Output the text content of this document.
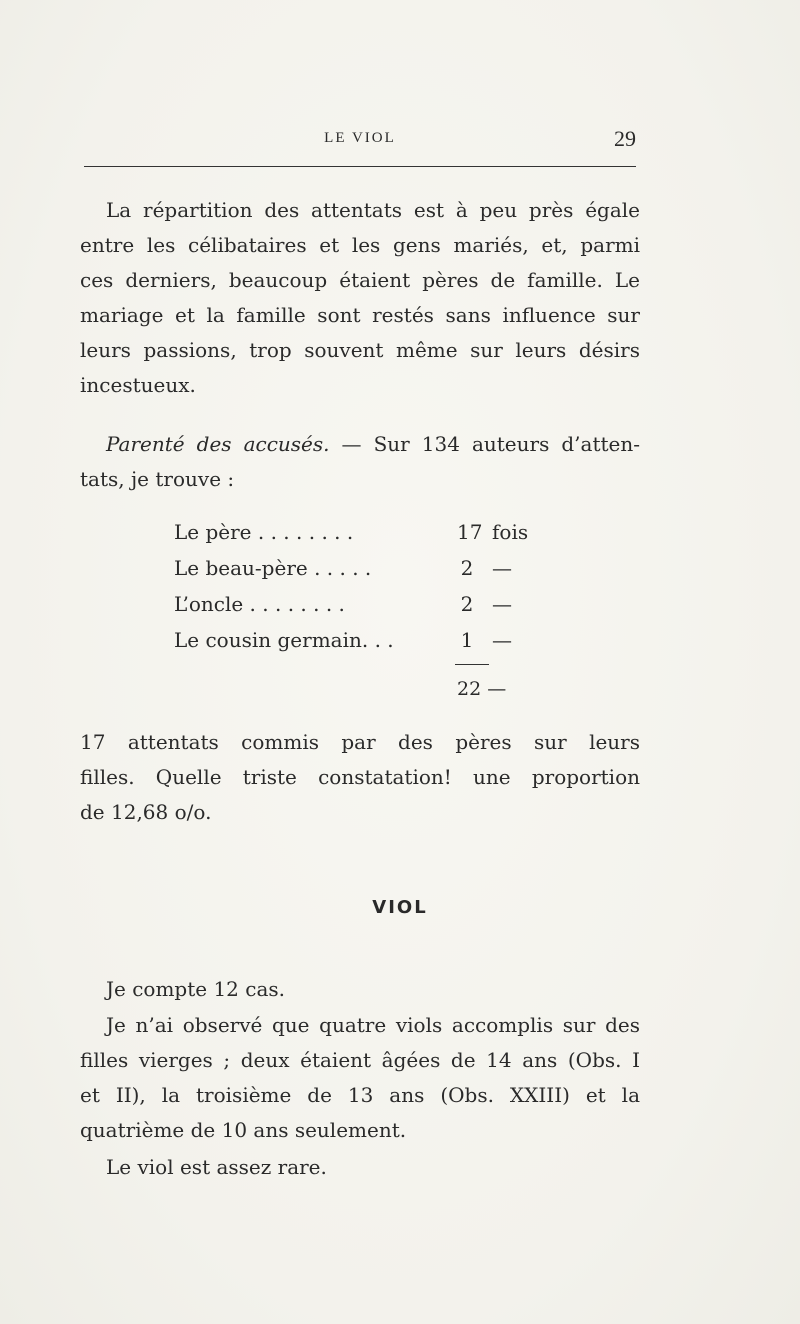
LE VIOL	29
La répartition des attentats est à peu près égale
entre les célibataires et les gens mariés, et, parmi
ces derniers, beaucoup étaient pères de famille. Le
mariage et la famille sont restés sans influence sur
leurs passions, trop souvent même sur leurs désirs
incestueux.
Parenté des accusés. — Sur 134 auteurs d’atten-
tats, je trouve :
Le père . . . . . . . .	17 fois
Le beau-père . . . . .	2 —
L’oncle . . . . . . . .	2 —
Le cousin germain. . .	1 —
22 —
17 attentats commis par des pères sur leurs
filles. Quelle triste constatation! une proportion
de 12,68 o/o.
VIOL
Je compte 12 cas.
Je n’ai observé que quatre viols accomplis sur des
filles vierges ; deux étaient âgées de 14 ans (Obs. I
et II), la troisième de 13 ans (Obs. XXIII) et la
quatrième de 10 ans seulement.
Le viol est assez rare.
